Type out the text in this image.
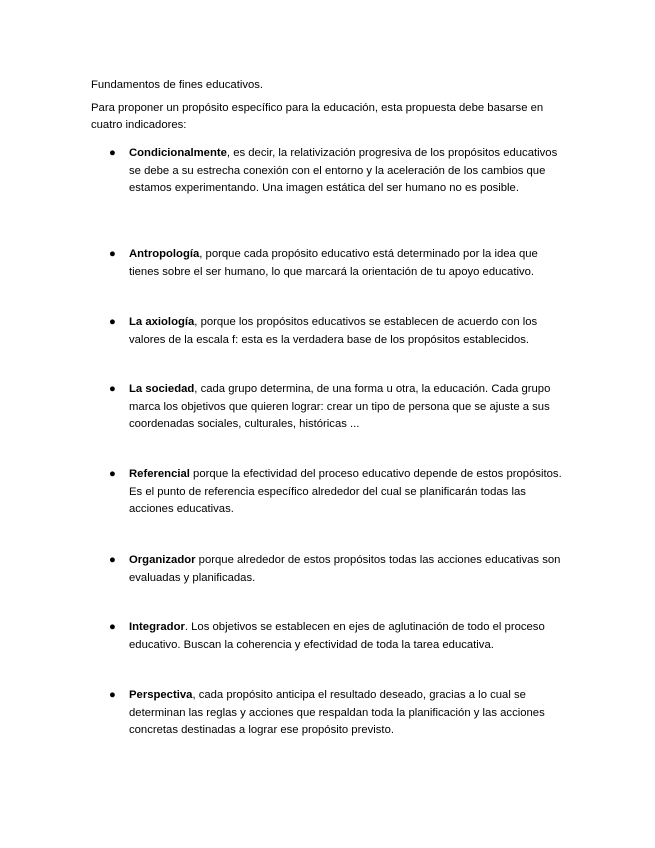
Fundamentos de fines educativos.
Para proponer un propósito específico para la educación, esta propuesta debe basarse en cuatro indicadores:
●	Condicionalmente, es decir, la relativización progresiva de los propósitos educativos se debe a su estrecha conexión con el entorno y la aceleración de los cambios que estamos experimentando. Una imagen estática del ser humano no es posible.
●	Antropología, porque cada propósito educativo está determinado por la idea que tienes sobre el ser humano, lo que marcará la orientación de tu apoyo educativo.
●	La axiología, porque los propósitos educativos se establecen de acuerdo con los valores de la escala f: esta es la verdadera base de los propósitos establecidos.
●	La sociedad, cada grupo determina, de una forma u otra, la educación. Cada grupo marca los objetivos que quieren lograr: crear un tipo de persona que se ajuste a sus coordenadas sociales, culturales, históricas ...
●	Referencial porque la efectividad del proceso educativo depende de estos propósitos. Es el punto de referencia específico alrededor del cual se planificarán todas las acciones educativas.
●	Organizador porque alrededor de estos propósitos todas las acciones educativas son evaluadas y planificadas.
●	Integrador. Los objetivos se establecen en ejes de aglutinación de todo el proceso educativo. Buscan la coherencia y efectividad de toda la tarea educativa.
●	Perspectiva, cada propósito anticipa el resultado deseado, gracias a lo cual se determinan las reglas y acciones que respaldan toda la planificación y las acciones concretas destinadas a lograr ese propósito previsto.
